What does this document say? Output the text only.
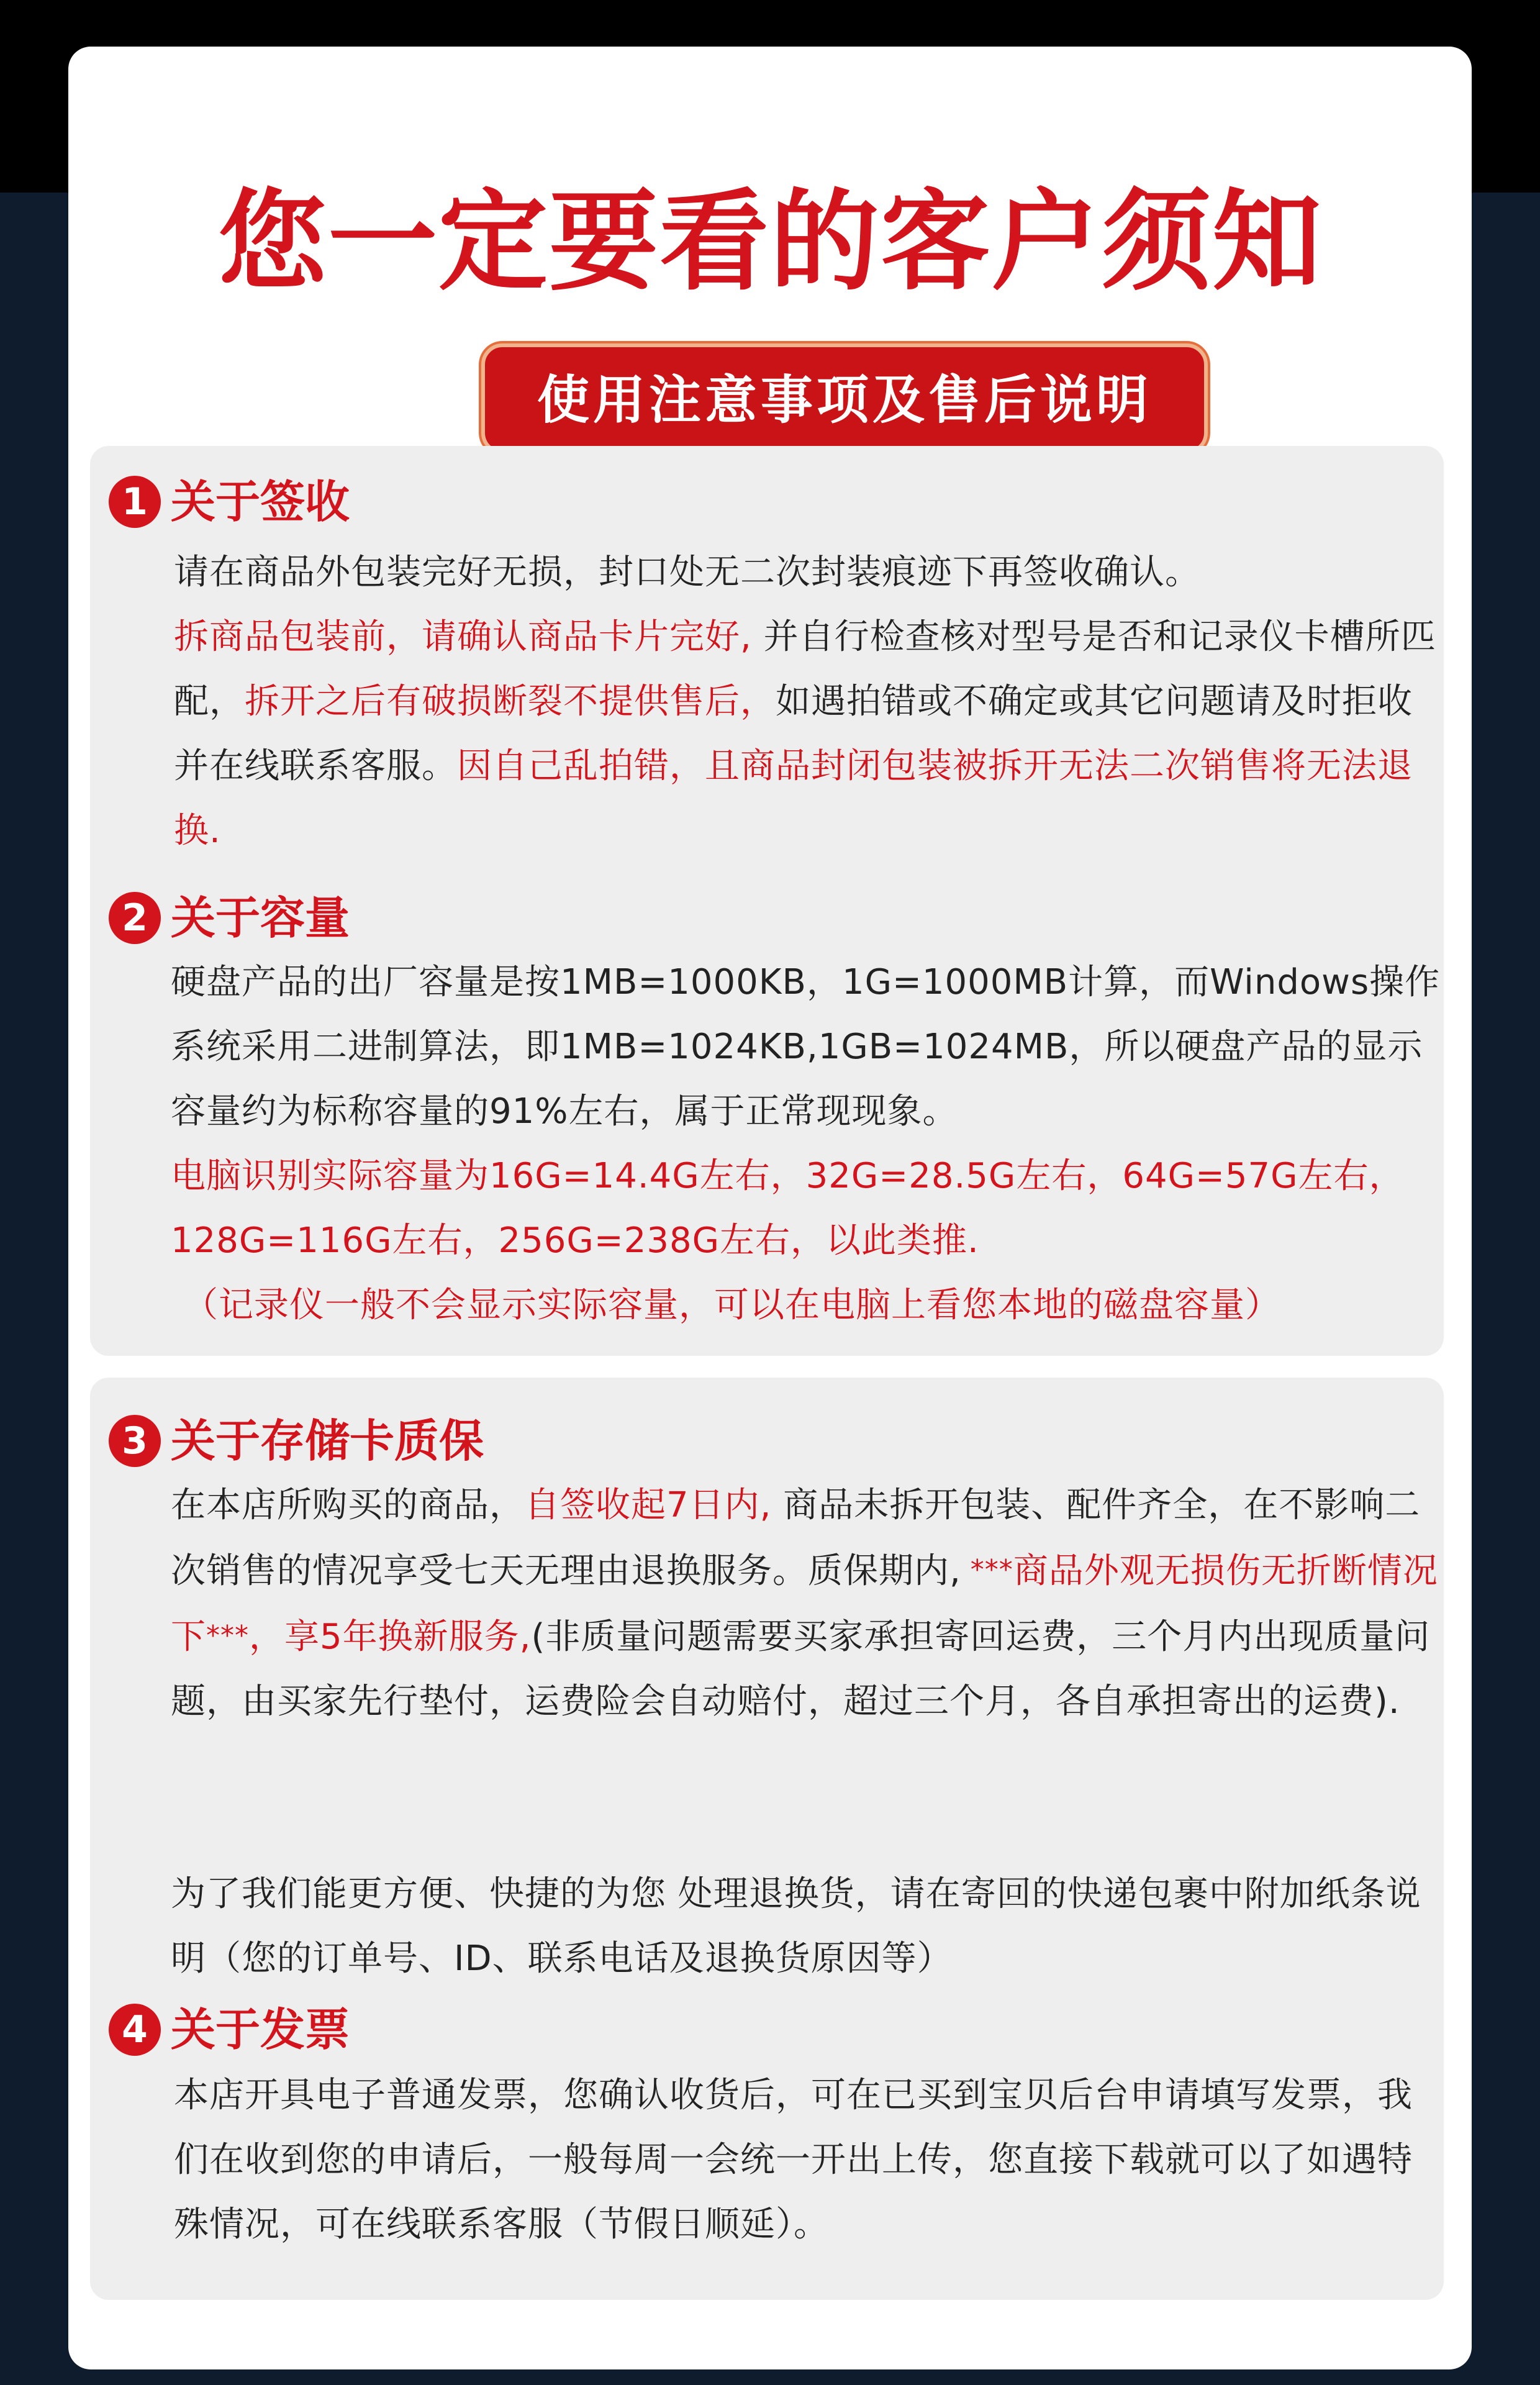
您一定要看的客户须知
使用注意事项及售后说明
1 关于签收
请在商品外包装完好无损，封口处无二次封装痕迹下再签收确认。
拆商品包装前，请确认商品卡片完好, 并自行检查核对型号是否和记录仪卡槽所匹配，拆开之后有破损断裂不提供售后，如遇拍错或不确定或其它问题请及时拒收并在线联系客服。因自己乱拍错，且商品封闭包装被拆开无法二次销售将无法退换.
2 关于容量
硬盘产品的出厂容量是按1MB=1000KB，1G=1000MB计算，而Windows操作系统采用二进制算法，即1MB=1024KB,1GB=1024MB，所以硬盘产品的显示容量约为标称容量的91%左右，属于正常现现象。
电脑识别实际容量为16G=14.4G左右，32G=28.5G左右，64G=57G左右，128G=116G左右，256G=238G左右，以此类推.
（记录仪一般不会显示实际容量，可以在电脑上看您本地的磁盘容量）
3 关于存储卡质保
在本店所购买的商品，自签收起7日内, 商品未拆开包装、配件齐全，在不影响二次销售的情况享受七天无理由退换服务。质保期内, ***商品外观无损伤无折断情况下***，享5年换新服务,(非质量问题需要买家承担寄回运费，三个月内出现质量问题，由买家先行垫付，运费险会自动赔付，超过三个月，各自承担寄出的运费).
为了我们能更方便、快捷的为您 处理退换货，请在寄回的快递包裹中附加纸条说明（您的订单号、ID、联系电话及退换货原因等）
4 关于发票
本店开具电子普通发票，您确认收货后，可在已买到宝贝后台申请填写发票，我们在收到您的申请后，一般每周一会统一开出上传，您直接下载就可以了如遇特殊情况，可在线联系客服（节假日顺延）。
